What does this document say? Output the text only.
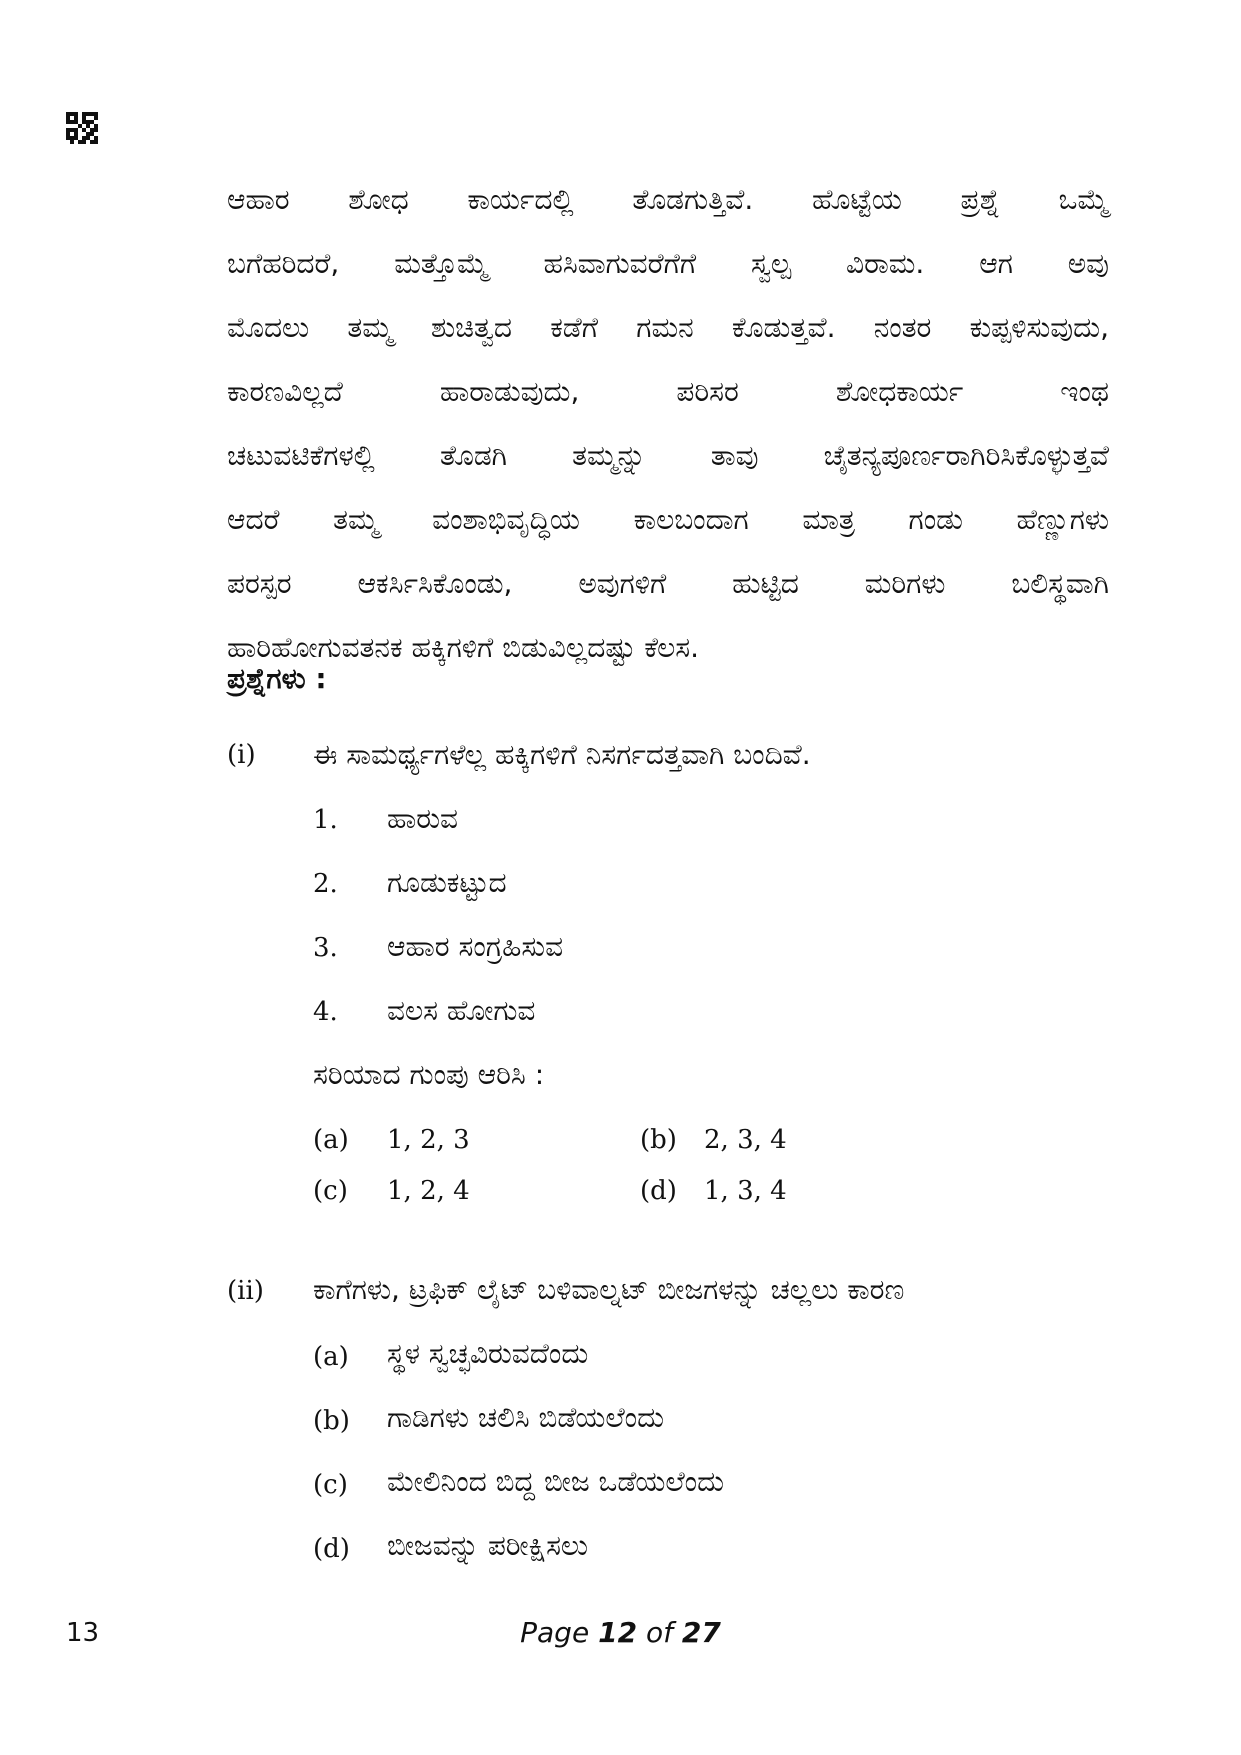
ಆಹಾರ ಶೋಧ ಕಾರ್ಯದಲ್ಲಿ ತೊಡಗುತ್ತಿವೆ. ಹೊಟ್ಟೆಯ ಪ್ರಶ್ನೆ ಒಮ್ಮೆ
ಬಗೆಹರಿದರೆ, ಮತ್ತೊಮ್ಮೆ ಹಸಿವಾಗುವರೆಗೆಗೆ ಸ್ವಲ್ಪ ವಿರಾಮ. ಆಗ ಅವು
ಮೊದಲು ತಮ್ಮ ಶುಚಿತ್ವದ ಕಡೆಗೆ ಗಮನ ಕೊಡುತ್ತವೆ. ನಂತರ ಕುಪ್ಪಳಿಸುವುದು,
ಕಾರಣವಿಲ್ಲದೆ ಹಾರಾಡುವುದು, ಪರಿಸರ ಶೋಧಕಾರ್ಯ ಇಂಥ
ಚಟುವಟಿಕೆಗಳಲ್ಲಿ ತೊಡಗಿ ತಮ್ಮನ್ನು ತಾವು ಚೈತನ್ಯಪೂರ್ಣರಾಗಿರಿಸಿಕೊಳ್ಳುತ್ತವೆ
ಆದರೆ ತಮ್ಮ ವಂಶಾಭಿವೃದ್ಧಿಯ ಕಾಲಬಂದಾಗ ಮಾತ್ರ ಗಂಡು ಹೆಣ್ಣುಗಳು
ಪರಸ್ಪರ ಆಕರ್ಸಿಸಿಕೊಂಡು, ಅವುಗಳಿಗೆ ಹುಟ್ಟಿದ ಮರಿಗಳು ಬಲಿಸ್ಥವಾಗಿ
ಹಾರಿಹೋಗುವತನಕ ಹಕ್ಕಿಗಳಿಗೆ ಬಿಡುವಿಲ್ಲದಷ್ಟು ಕೆಲಸ.
ಪ್ರಶ್ನೆಗಳು :
(i) ಈ ಸಾಮರ್ಥ್ಯಗಳೆಲ್ಲ ಹಕ್ಕಿಗಳಿಗೆ ನಿಸರ್ಗದತ್ತವಾಗಿ ಬಂದಿವೆ.
1. ಹಾರುವ
2. ಗೂಡುಕಟ್ಟುದ
3. ಆಹಾರ ಸಂಗ್ರಹಿಸುವ
4. ವಲಸ ಹೋಗುವ
ಸರಿಯಾದ ಗುಂಪು ಆರಿಸಿ :
(a) 1, 2, 3	(b) 2, 3, 4
(c) 1, 2, 4	(d) 1, 3, 4
(ii) ಕಾಗೆಗಳು, ಟ್ರಫಿಕ್ ಲೈಟ್ ಬಳಿವಾಲ್ನಟ್ ಬೀಜಗಳನ್ನು ಚಲ್ಲಲು ಕಾರಣ
(a) ಸ್ಥಳ ಸ್ವಚ್ಛವಿರುವದೆಂದು
(b) ಗಾಡಿಗಳು ಚಲಿಸಿ ಬಿಡೆಯಲೆಂದು
(c) ಮೇಲಿನಿಂದ ಬಿದ್ದ ಬೀಜ ಒಡೆಯಲೆಂದು
(d) ಬೀಜವನ್ನು ಪರೀಕ್ಷಿಸಲು
13	Page 12 of 27
